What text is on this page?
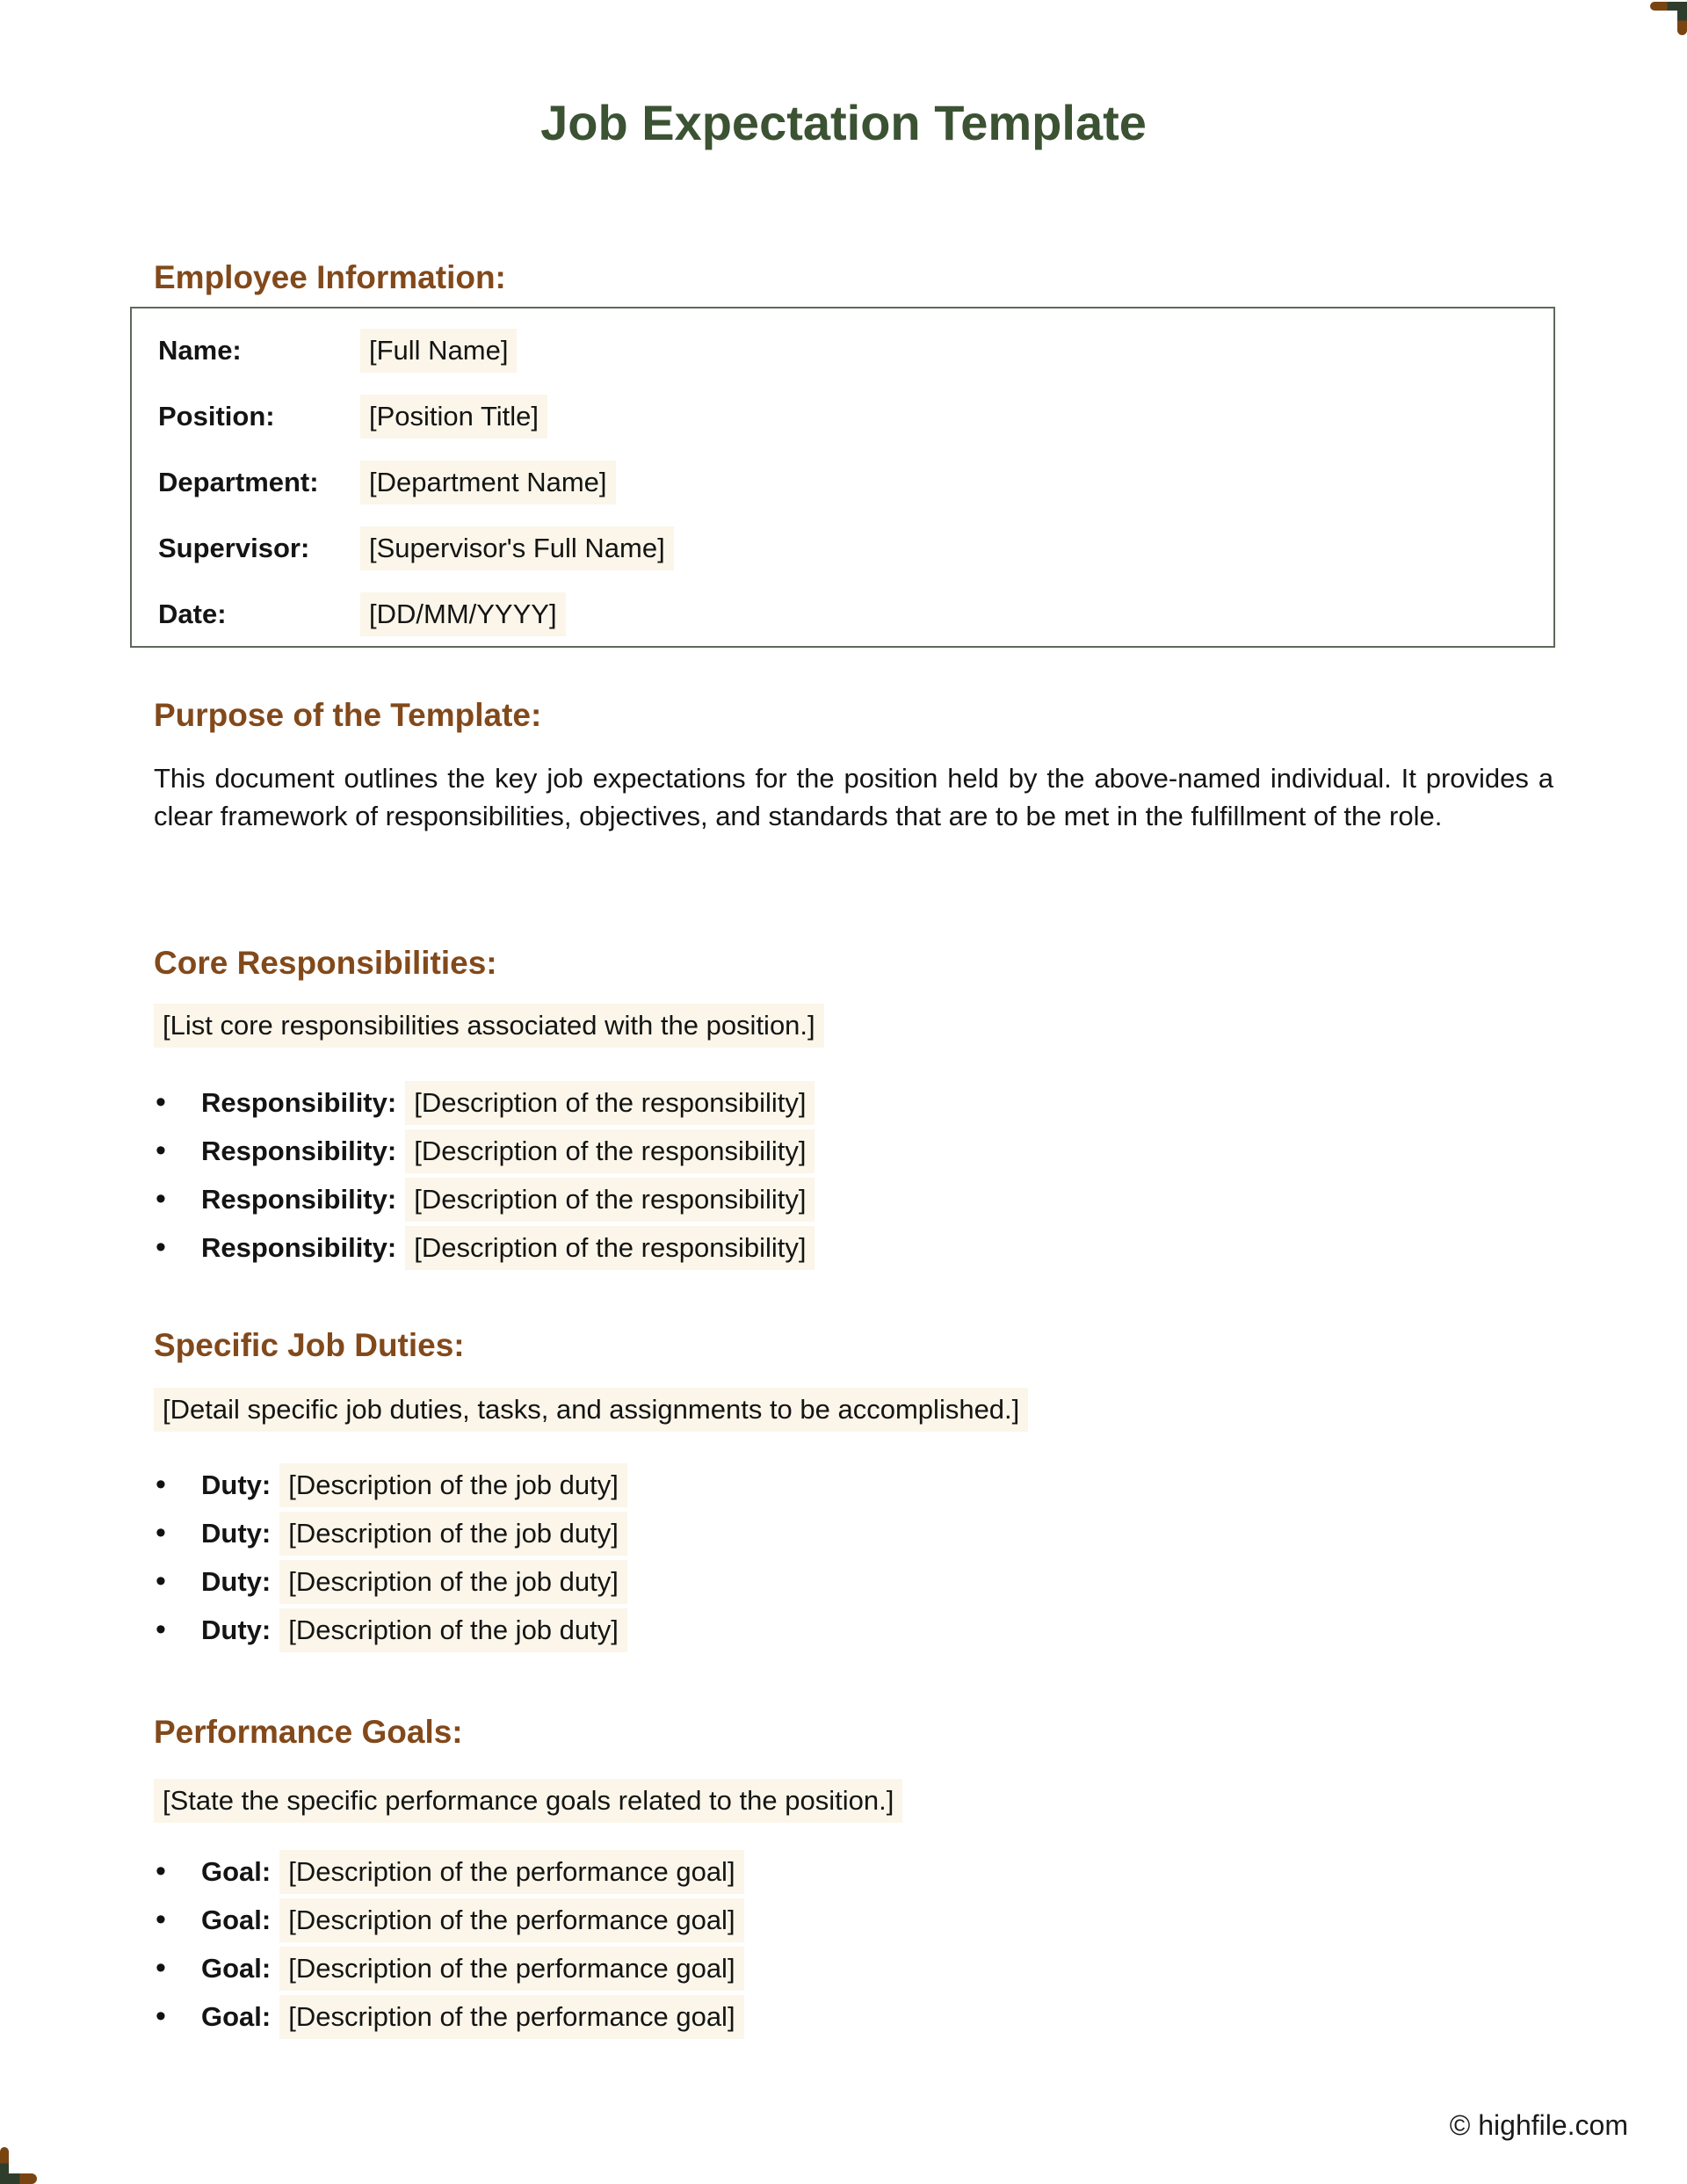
Job Expectation Template
Employee Information:
Name:	[Full Name]
Position:	[Position Title]
Department:	[Department Name]
Supervisor:	[Supervisor's Full Name]
Date:	[DD/MM/YYYY]
Purpose of the Template:

This document outlines the key job expectations for the position held by the above-named individual. It provides a clear framework of responsibilities, objectives, and standards that are to be met in the fulfillment of the role.

Core Responsibilities:
[List core responsibilities associated with the position.]
• Responsibility: [Description of the responsibility]
• Responsibility: [Description of the responsibility]
• Responsibility: [Description of the responsibility]
• Responsibility: [Description of the responsibility]
Specific Job Duties:
[Detail specific job duties, tasks, and assignments to be accomplished.]
• Duty: [Description of the job duty]
• Duty: [Description of the job duty]
• Duty: [Description of the job duty]
• Duty: [Description of the job duty]
Performance Goals:
[State the specific performance goals related to the position.]
• Goal: [Description of the performance goal]
• Goal: [Description of the performance goal]
• Goal: [Description of the performance goal]
• Goal: [Description of the performance goal]
© highfile.com
